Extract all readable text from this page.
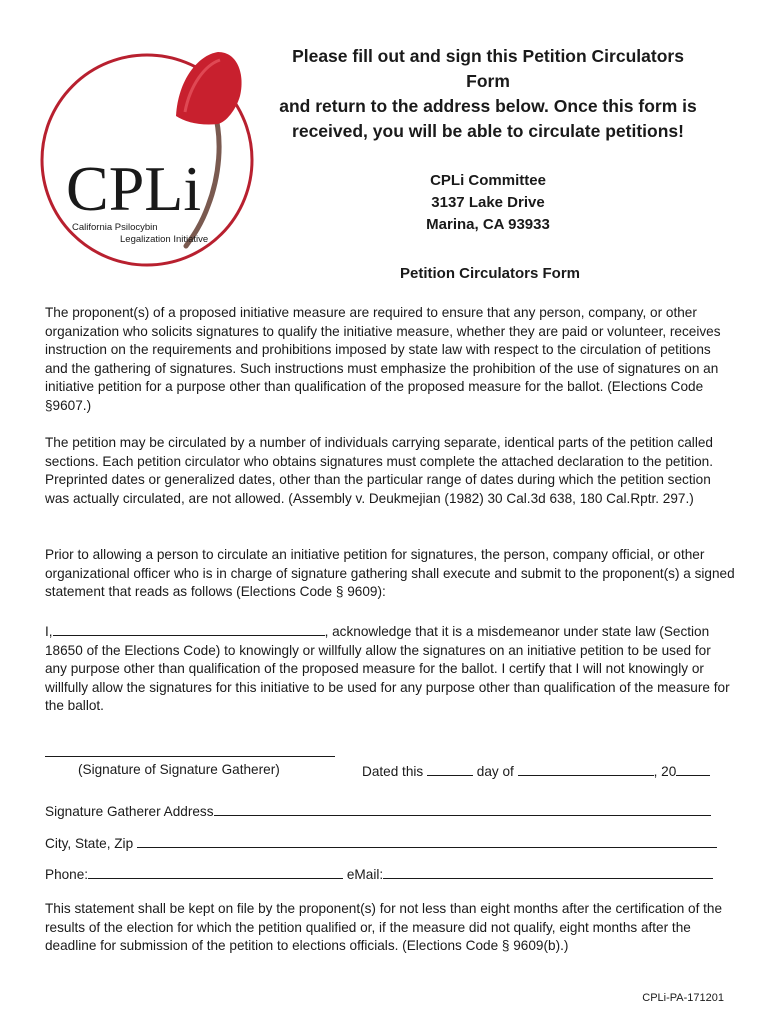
CPLi
California Psilocybin
Legalization Initiative

Please fill out and sign this Petition Circulators Form

and return to the address below. Once this form is

received, you will be able to circulate petitions!

CPLi Committee
3137 Lake Drive
Marina, CA 93933
Petition Circulators Form
The proponent(s) of a proposed initiative measure are required to ensure that any person, company, or other organization who solicits signatures to qualify the initiative measure, whether they are paid or volunteer, receives instruction on the requirements and prohibitions imposed by state law with respect to the circulation of petitions and the gathering of signatures. Such instructions must emphasize the prohibition of the use of signatures on an initiative petition for a purpose other than qualification of the proposed measure for the ballot. (Elections Code §9607.)
The petition may be circulated by a number of individuals carrying separate, identical parts of the petition called sections. Each petition circulator who obtains signatures must complete the attached declaration to the petition. Preprinted dates or generalized dates, other than the particular range of dates during which the petition section was actually circulated, are not allowed. (Assembly v. Deukmejian (1982) 30 Cal.3d 638, 180 Cal.Rptr. 297.)
Prior to allowing a person to circulate an initiative petition for signatures, the person, company official, or other organizational officer who is in charge of signature gathering shall execute and submit to the proponent(s) a signed statement that reads as follows (Elections Code § 9609):
I,	, acknowledge that it is a misdemeanor under state law (Section 18650 of the Elections Code) to knowingly or willfully allow the signatures on an initiative petition to be used for any purpose other than qualification of the proposed measure for the ballot. I certify that I will not knowingly or willfully allow the signatures for this initiative to be used for any purpose other than qualification of the measure for the ballot.
(Signature of Signature Gatherer)	Dated this	day of	, 20
Signature Gatherer Address
City, State, Zip
Phone:	eMail:
This statement shall be kept on file by the proponent(s) for not less than eight months after the certification of the results of the election for which the petition qualified or, if the measure did not qualify, eight months after the deadline for submission of the petition to elections officials. (Elections Code § 9609(b).)
CPLi-PA-171201
